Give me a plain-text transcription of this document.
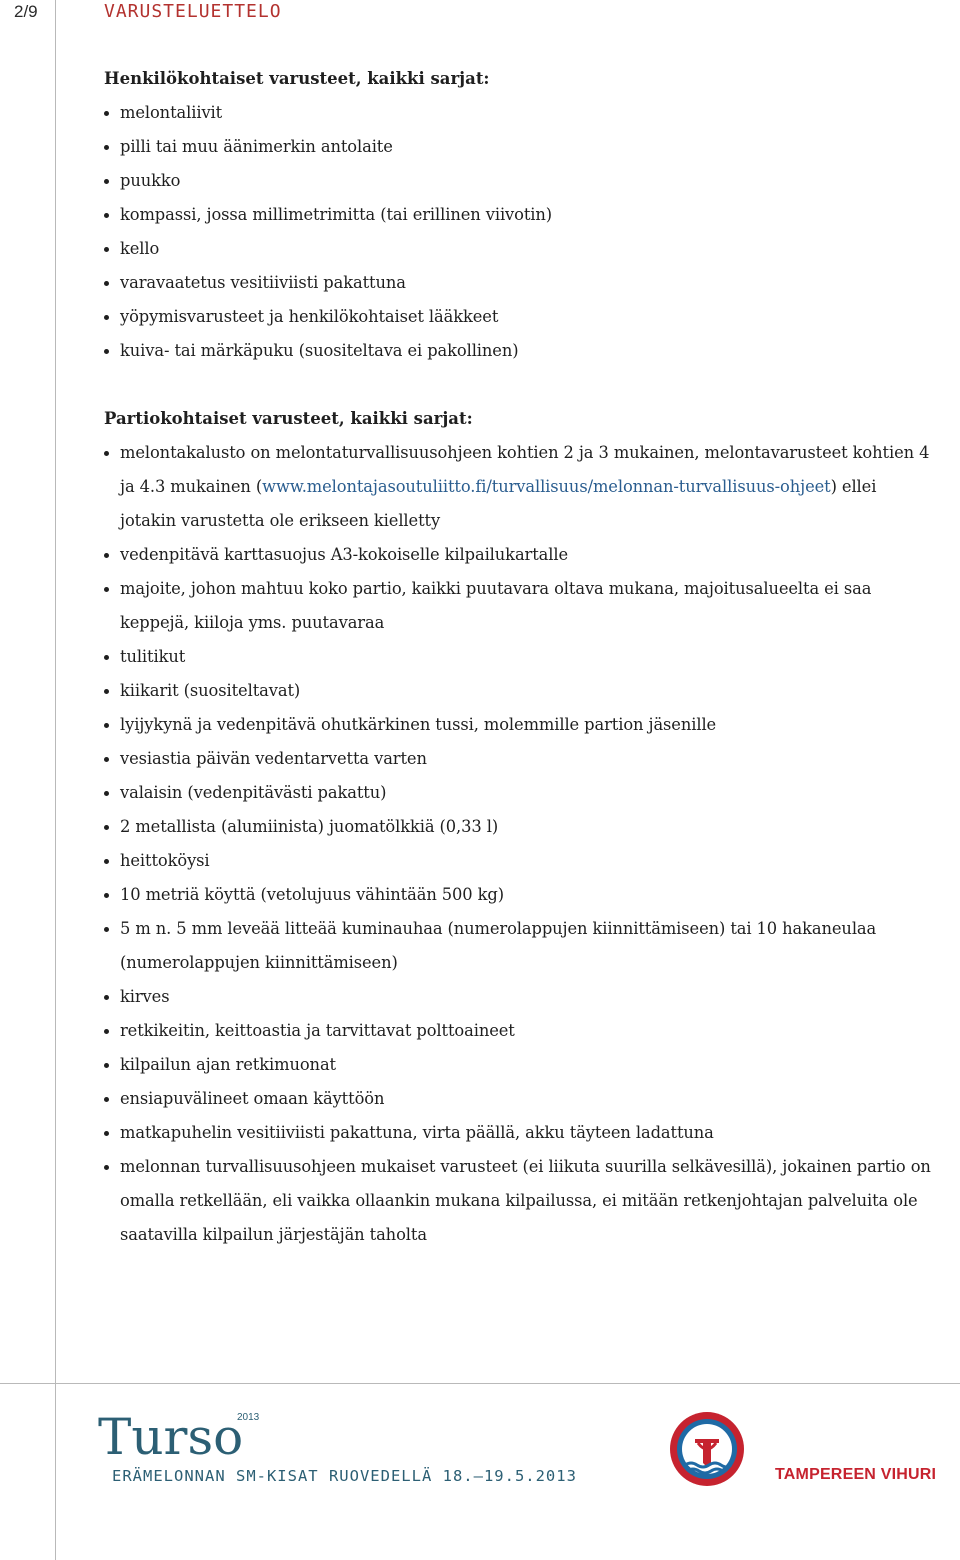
2/9	VARUSTELUETTELO

Henkilökohtaiset varusteet, kaikki sarjat:

melontaliivit
pilli tai muu äänimerkin antolaite
puukko
kompassi, jossa millimetrimitta (tai erillinen viivotin)
kello
varavaatetus vesitiiviisti pakattuna
yöpymisvarusteet ja henkilökohtaiset lääkkeet
kuiva- tai märkäpuku (suositeltava ei pakollinen)

Partiokohtaiset varusteet, kaikki sarjat:

melontakalusto on melontaturvallisuusohjeen kohtien 2 ja 3 mukainen, melontavarusteet kohtien 4 ja 4.3 mukainen (www.melontajasoutuliitto.fi/turvallisuus/melonnan-turvallisuus-ohjeet) ellei jotakin varustetta ole erikseen kielletty
vedenpitävä karttasuojus A3-kokoiselle kilpailukartalle
majoite, johon mahtuu koko partio, kaikki puutavara oltava mukana, majoitusalueelta ei saa keppejä, kiiloja yms. puutavaraa
tulitikut
kiikarit (suositeltavat)
lyijykynä ja vedenpitävä ohutkärkinen tussi, molemmille partion jäsenille
vesiastia päivän vedentarvetta varten
valaisin (vedenpitävästi pakattu)
2 metallista (alumiinista) juomatölkkiä (0,33 l)
heittoköysi
10 metriä köyttä (vetolujuus vähintään 500 kg)
5 m n. 5 mm leveää litteää kuminauhaa (numerolappujen kiinnittämiseen) tai 10 hakaneulaa (numerolappujen kiinnittämiseen)
kirves
retkikeitin, keittoastia ja tarvittavat polttoaineet
kilpailun ajan retkimuonat
ensiapuvälineet omaan käyttöön
matkapuhelin vesitiiviisti pakattuna, virta päällä, akku täyteen ladattuna
melonnan turvallisuusohjeen mukaiset varusteet (ei liikuta suurilla selkävesillä), jokainen partio on omalla retkellään, eli vaikka ollaankin mukana kilpailussa, ei mitään retkenjohtajan palveluita ole saatavilla kilpailun järjestäjän taholta
Turso
2013
ERÄMELONNAN SM-KISAT RUOVEDELLÄ 18.–19.5.2013	TAMPEREEN VIHURI
